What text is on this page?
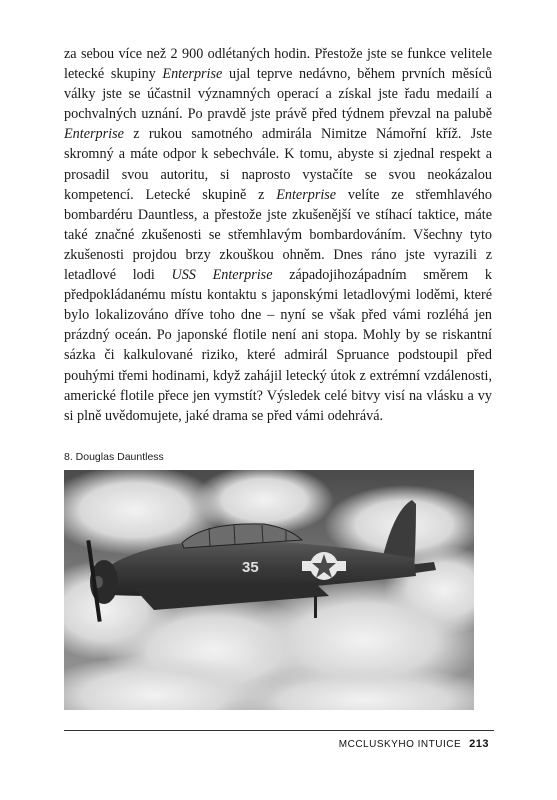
za sebou více než 2 900 odlétaných hodin. Přestože jste se funkce velitele letecké skupiny Enterprise ujal teprve nedávno, během prvních měsíců války jste se účastnil významných operací a získal jste řadu medailí a pochvalných uznání. Po pravdě jste právě před týdnem převzal na palubě Enterprise z rukou samotného admirála Nimitze Námořní kříž. Jste skromný a máte odpor k sebechvále. K tomu, abyste si zjednal respekt a prosadil svou autoritu, si naprosto vystačíte se svou neokázalou kompetencí. Letecké skupině z Enterprise velíte ze střemhlavého bombardéru Dauntless, a přestože jste zkušenější ve stíhací taktice, máte také značné zkušenosti se střemhlavým bombardováním. Všechny tyto zkušenosti projdou brzy zkouškou ohněm. Dnes ráno jste vyrazili z letadlové lodi USS Enterprise západojihozápadním směrem k předpokládanému místu kontaktu s japonskými letadlovými loděmi, které bylo lokalizováno dříve toho dne – nyní se však před vámi rozléhá jen prázdný oceán. Po japonské flotile není ani stopa. Mohly by se riskantní sázka či kalkulované riziko, které admirál Spruance podstoupil před pouhými třemi hodinami, když zahájil letecký útok z extrémní vzdálenosti, americké flotile přece jen vymstít? Výsledek celé bitvy visí na vlásku a vy si plně uvědomujete, jaké drama se před vámi odehrává.

8. Douglas Dauntless
35
MCCLUSKYHO INTUICE 213
